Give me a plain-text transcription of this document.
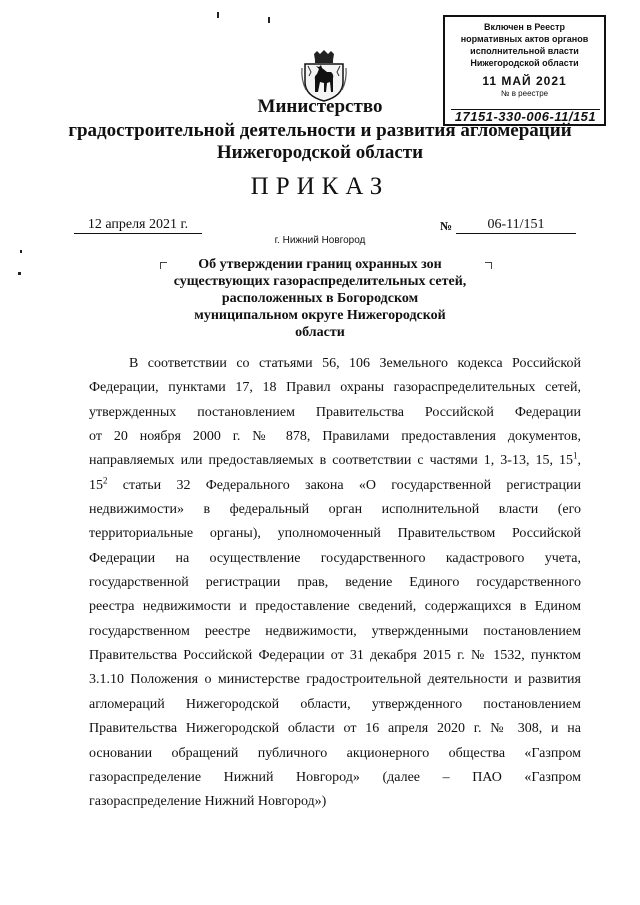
Включен в Реестр
нормативных актов органов
исполнительной власти
Нижегородской области
11 МАЙ 2021
№ в реестре
17151-330-006-11/151
Министерство
градостроительной деятельности и развития агломераций
Нижегородской области
ПРИКАЗ
12 апреля 2021 г.	№	06-11/151
г. Нижний Новгород
Об утверждении границ охранных зон
существующих газораспределительных сетей,
расположенных в Богородском
муниципальном округе Нижегородской
области
В соответствии со статьями 56, 106 Земельного кодекса Российской
Федерации, пунктами 17, 18 Правил охраны газораспределительных сетей,
утвержденных постановлением Правительства Российской Федерации
от 20 ноября 2000 г. № 878, Правилами предоставления документов,
направляемых или предоставляемых в соответствии с частями 1, 3-13, 15, $15^1$,
$15^2$ статьи 32 Федерального закона «О государственной регистрации
недвижимости» в федеральный орган исполнительной власти (его
территориальные органы), уполномоченный Правительством Российской
Федерации на осуществление государственного кадастрового учета,
государственной регистрации прав, ведение Единого государственного
реестра недвижимости и предоставление сведений, содержащихся в Едином
государственном реестре недвижимости, утвержденными постановлением
Правительства Российской Федерации от 31 декабря 2015 г. № 1532, пунктом
3.1.10 Положения о министерстве градостроительной деятельности и развития
агломераций Нижегородской области, утвержденного постановлением
Правительства Нижегородской области от 16 апреля 2020 г. № 308, и на
основании обращений публичного акционерного общества «Газпром
газораспределение Нижний Новгород» (далее – ПАО «Газпром
газораспределение Нижний Новгород»)
